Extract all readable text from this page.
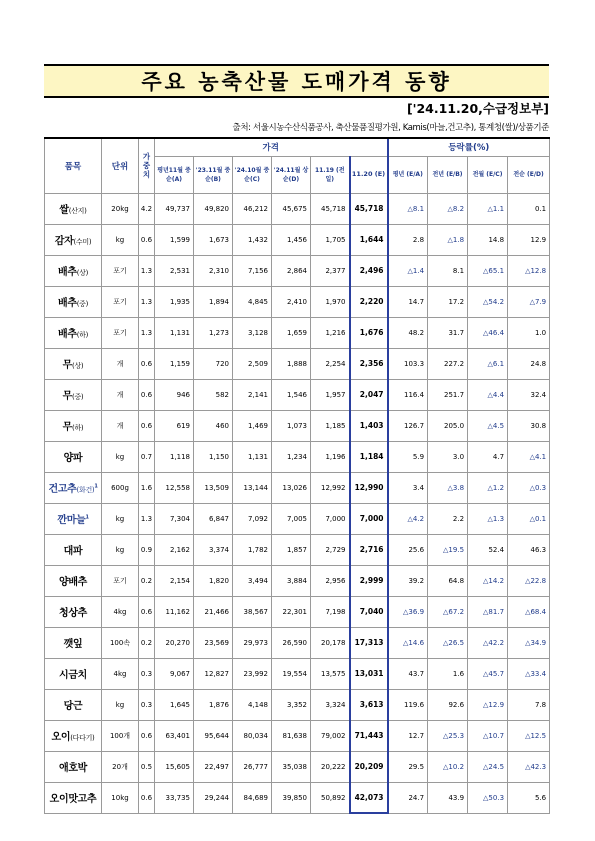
주요 농축산물 도매가격 동향
['24.11.20,수급정보부]
출처: 서울시농수산식품공사, 축산물품질평가원, Kamis(마늘,건고추), 통계청(쌀)/상품기준
품목	단위	가중치	가격						등락률(%)			
			평년11월 중순(A)	'23.11월 중순(B)	'24.10월 중순(C)	'24.11월 상순(D)	11.19 (전일)	11.20 (E)	평년 (E/A)	전년 (E/B)	전월 (E/C)	전순 (E/D)
쌀(산지)	20kg	4.2	49,737	49,820	46,212	45,675	45,718	45,718	△8.1	△8.2	△1.1	0.1
감자(수미)	kg	0.6	1,599	1,673	1,432	1,456	1,705	1,644	2.8	△1.8	14.8	12.9
배추(상)	포기	1.3	2,531	2,310	7,156	2,864	2,377	2,496	△1.4	8.1	△65.1	△12.8
배추(중)	포기	1.3	1,935	1,894	4,845	2,410	1,970	2,220	14.7	17.2	△54.2	△7.9
배추(하)	포기	1.3	1,131	1,273	3,128	1,659	1,216	1,676	48.2	31.7	△46.4	1.0
무(상)	개	0.6	1,159	720	2,509	1,888	2,254	2,356	103.3	227.2	△6.1	24.8
무(중)	개	0.6	946	582	2,141	1,546	1,957	2,047	116.4	251.7	△4.4	32.4
무(하)	개	0.6	619	460	1,469	1,073	1,185	1,403	126.7	205.0	△4.5	30.8
양파	kg	0.7	1,118	1,150	1,131	1,234	1,196	1,184	5.9	3.0	4.7	△4.1
건고추(화건)$^1$	600g	1.6	12,558	13,509	13,144	13,026	12,992	12,990	3.4	△3.8	△1.2	△0.3
깐마늘$^1$	kg	1.3	7,304	6,847	7,092	7,005	7,000	7,000	△4.2	2.2	△1.3	△0.1
대파	kg	0.9	2,162	3,374	1,782	1,857	2,729	2,716	25.6	△19.5	52.4	46.3
양배추	포기	0.2	2,154	1,820	3,494	3,884	2,956	2,999	39.2	64.8	△14.2	△22.8
청상추	4kg	0.6	11,162	21,466	38,567	22,301	7,198	7,040	△36.9	△67.2	△81.7	△68.4
깻잎	100속	0.2	20,270	23,569	29,973	26,590	20,178	17,313	△14.6	△26.5	△42.2	△34.9
시금치	4kg	0.3	9,067	12,827	23,992	19,554	13,575	13,031	43.7	1.6	△45.7	△33.4
당근	kg	0.3	1,645	1,876	4,148	3,352	3,324	3,613	119.6	92.6	△12.9	7.8
오이(다다기)	100개	0.6	63,401	95,644	80,034	81,638	79,002	71,443	12.7	△25.3	△10.7	△12.5
애호박	20개	0.5	15,605	22,497	26,777	35,038	20,222	20,209	29.5	△10.2	△24.5	△42.3
오이맛고추	10kg	0.6	33,735	29,244	84,689	39,850	50,892	42,073	24.7	43.9	△50.3	5.6
